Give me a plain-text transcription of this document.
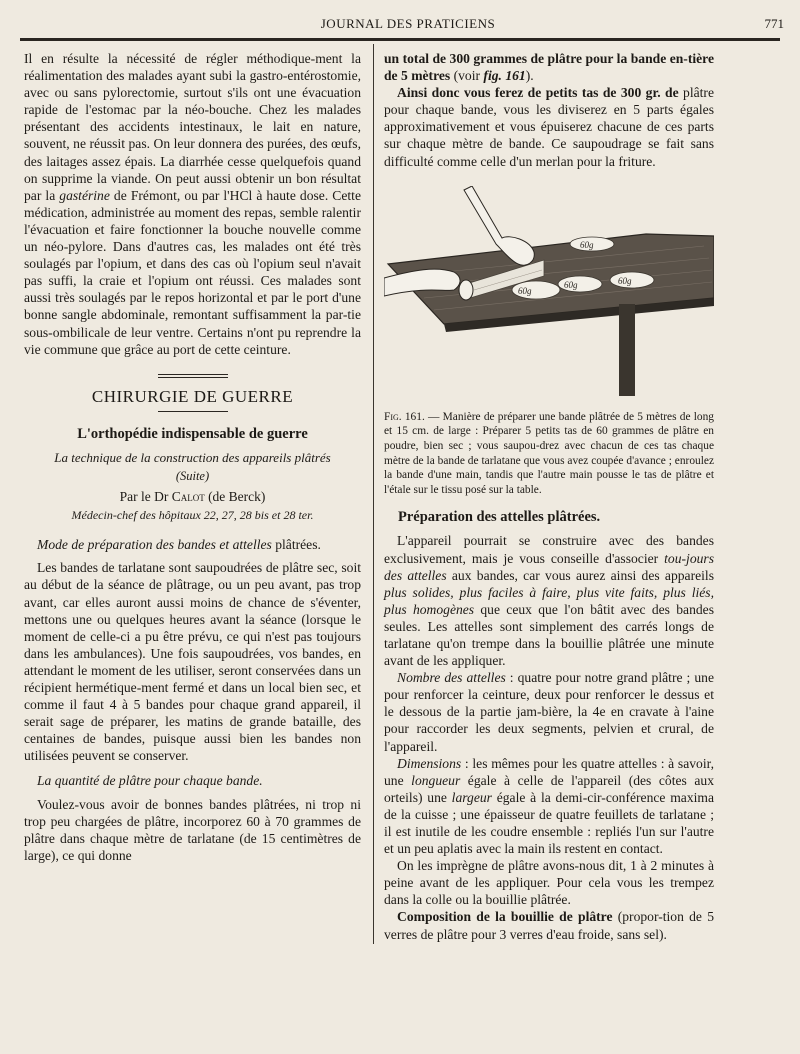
JOURNAL DES PRATICIENS	771

Il en résulte la nécessité de régler méthodique-ment la réalimentation des malades ayant subi la gastro-entérostomie, avec ou sans pylorectomie, surtout s'ils ont une évacuation rapide de l'estomac par la néo-bouche. Chez les malades présentant des accidents intestinaux, le lait en nature, souvent, ne réussit pas. On leur donnera des purées, des œufs, des laitages assez épais. La diarrhée cesse quelquefois quand on supprime la viande. On peut aussi obtenir un bon résultat par la gastérine de Frémont, ou par l'HCl à haute dose. Cette médication, administrée au moment des repas, semble ralentir l'évacuation et faire fonctionner la bouche nouvelle comme un néo-pylore. Dans d'autres cas, les malades ont été très soulagés par l'opium, et dans des cas où l'opium seul n'avait pas suffi, la craie et l'opium ont réussi. Ces malades sont aussi très soulagés par le repos horizontal et par le port d'une bonne sangle abdominale, remontant suffisamment la par-tie sous-ombilicale de leur ventre. Certains n'ont pu reprendre la vie commune que grâce au port de cette ceinture.

CHIRURGIE DE GUERRE
L'orthopédie indispensable de guerre
La technique de la construction des appareils plâtrés
(Suite)
Par le Dr Calot (de Berck)
Médecin-chef des hôpitaux 22, 27, 28 bis et 28 ter.

Mode de préparation des bandes et attelles plâtrées.

Les bandes de tarlatane sont saupoudrées de plâtre sec, soit au début de la séance de plâtrage, ou un peu avant, pas trop avant, car elles auront aussi moins de chance de s'éventer, mettons une ou quelques heures avant la séance (lorsque le moment de celle-ci a pu être prévu, ce qui n'est pas toujours dans les ambulances). Une fois saupoudrées, vos bandes, en attendant le moment de les utiliser, seront conservées dans un récipient hermétique-ment fermé et dans un local bien sec, et comme il faut 4 à 5 bandes pour chaque grand appareil, il serait sage de préparer, les matins de grande bataille, des centaines de bandes, puisque aussi bien les bandes non utilisées peuvent se conserver.

La quantité de plâtre pour chaque bande.

Voulez-vous avoir de bonnes bandes plâtrées, ni trop ni trop peu chargées de plâtre, incorporez 60 à 70 grammes de plâtre dans chaque mètre de tarlatane (de 15 centimètres de large), ce qui donne

un total de 300 grammes de plâtre pour la bande en-tière de 5 mètres (voir fig. 161).

Ainsi donc vous ferez de petits tas de 300 gr. de plâtre pour chaque bande, vous les diviserez en 5 parts égales approximativement et vous épuiserez chacune de ces parts sur chaque mètre de bande. Ce saupoudrage se fait sans difficulté comme celle d'un merlan pour la friture.

60g
60g	60g
60g
Fig. 161. — Manière de préparer une bande plâtrée de 5 mètres de long et 15 cm. de large : Préparer 5 petits tas de 60 grammes de plâtre en poudre, bien sec ; vous saupou-drez avec chacun de ces tas chaque mètre de la bande de tarlatane que vous avez coupée d'avance ; enroulez la bande d'une main, tandis que l'autre main pousse le tas de plâtre et l'étale sur le tissu posé sur la table.
Préparation des attelles plâtrées.

L'appareil pourrait se construire avec des bandes exclusivement, mais je vous conseille d'associer tou-jours des attelles aux bandes, car vous aurez ainsi des appareils plus solides, plus faciles à faire, plus vite faits, plus liés, plus homogènes que ceux que l'on bâtit avec des bandes seules. Les attelles sont simplement des carrés longs de tarlatane qu'on trempe dans la bouillie plâtrée une minute avant de les appliquer.

Nombre des attelles : quatre pour notre grand plâtre ; une pour renforcer la ceinture, deux pour renforcer le dessus et le dessous de la partie jam-bière, la 4e en cravate à l'aine pour raccorder les deux segments, pelvien et crural, de l'appareil.

Dimensions : les mêmes pour les quatre attelles : à savoir, une longueur égale à celle de l'appareil (des côtes aux orteils) une largeur égale à la demi-cir-conférence maxima de la cuisse ; une épaisseur de quatre feuillets de tarlatane ; il est inutile de les coudre ensemble : repliés l'un sur l'autre et un peu aplatis avec la main ils restent en contact.

On les imprègne de plâtre avons-nous dit, 1 à 2 minutes à peine avant de les appliquer. Pour cela vous les trempez dans la colle ou la bouillie plâtrée.

Composition de la bouillie de plâtre (propor-tion de 5 verres de plâtre pour 3 verres d'eau froide, sans sel).
